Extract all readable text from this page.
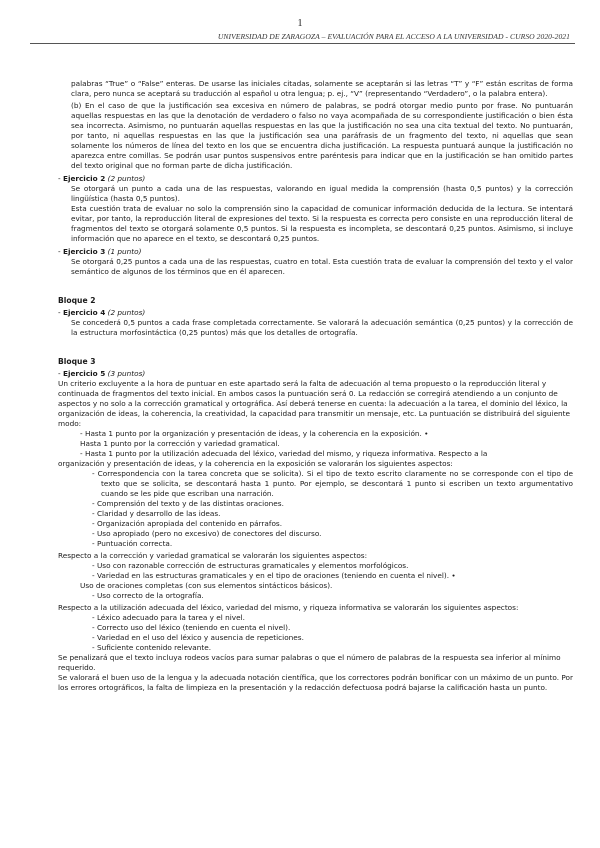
1
UNIVERSIDAD DE ZARAGOZA – EVALUACIÓN PARA EL ACCESO A LA UNIVERSIDAD - CURSO 2020-2021

palabras “True” o “False” enteras. De usarse las iniciales citadas, solamente se aceptarán si las letras “T” y “F” están escritas de forma clara, pero nunca se aceptará su traducción al español u otra lengua; p. ej., “V” (representando “Verdadero”, o la palabra entera).

(b) En el caso de que la justificación sea excesiva en número de palabras, se podrá otorgar medio punto por frase. No puntuarán aquellas respuestas en las que la denotación de verdadero o falso no vaya acompañada de su correspondiente justificación o bien ésta sea incorrecta. Asimismo, no puntuarán aquellas respuestas en las que la justificación no sea una cita textual del texto. No puntuarán, por tanto, ni aquellas respuestas en las que la justificación sea una paráfrasis de un fragmento del texto, ni aquellas que sean solamente los números de línea del texto en los que se encuentra dicha justificación. La respuesta puntuará aunque la justificación no aparezca entre comillas. Se podrán usar puntos suspensivos entre paréntesis para indicar que en la justificación se han omitido partes del texto original que no forman parte de dicha justificación.

- Ejercicio 2 (2 puntos)

Se otorgará un punto a cada una de las respuestas, valorando en igual medida la comprensión (hasta 0,5 puntos) y la corrección lingüística (hasta 0,5 puntos).

Esta cuestión trata de evaluar no solo la comprensión sino la capacidad de comunicar información deducida de la lectura. Se intentará evitar, por tanto, la reproducción literal de expresiones del texto. Si la respuesta es correcta pero consiste en una reproducción literal de fragmentos del texto se otorgará solamente 0,5 puntos. Si la respuesta es incompleta, se descontará 0,25 puntos. Asimismo, si incluye información que no aparece en el texto, se descontará 0,25 puntos.

- Ejercicio 3 (1 punto)

Se otorgará 0,25 puntos a cada una de las respuestas, cuatro en total. Esta cuestión trata de evaluar la comprensión del texto y el valor semántico de algunos de los términos que en él aparecen.

Bloque 2

- Ejercicio 4 (2 puntos)

Se concederá 0,5 puntos a cada frase completada correctamente. Se valorará la adecuación semántica (0,25 puntos) y la corrección de la estructura morfosintáctica (0,25 puntos) más que los detalles de ortografía.

Bloque 3

- Ejercicio 5 (3 puntos)

Un criterio excluyente a la hora de puntuar en este apartado será la falta de adecuación al tema propuesto o la reproducción literal y continuada de fragmentos del texto inicial. En ambos casos la puntuación será 0. La redacción se corregirá atendiendo a un conjunto de aspectos y no solo a la corrección gramatical y ortográfica. Así deberá tenerse en cuenta: la adecuación a la tarea, el dominio del léxico, la organización de ideas, la coherencia, la creatividad, la capacidad para transmitir un mensaje, etc. La puntuación se distribuirá del siguiente modo:

- Hasta 1 punto por la organización y presentación de ideas, y la coherencia en la exposición. •

Hasta 1 punto por la corrección y variedad gramatical.

- Hasta 1 punto por la utilización adecuada del léxico, variedad del mismo, y riqueza informativa. Respecto a la

organización y presentación de ideas, y la coherencia en la exposición se valorarán los siguientes aspectos:

- Correspondencia con la tarea concreta que se solicita). Si el tipo de texto escrito claramente no se corresponde con el tipo de texto que se solicita, se descontará hasta 1 punto. Por ejemplo, se descontará 1 punto si escriben un texto argumentativo cuando se les pide que escriban una narración.

- Comprensión del texto y de las distintas oraciones.

- Claridad y desarrollo de las ideas.

- Organización apropiada del contenido en párrafos.

- Uso apropiado (pero no excesivo) de conectores del discurso.

- Puntuación correcta.

Respecto a la corrección y variedad gramatical se valorarán los siguientes aspectos:

- Uso con razonable corrección de estructuras gramaticales y elementos morfológicos.

- Variedad en las estructuras gramaticales y en el tipo de oraciones (teniendo en cuenta el nivel). •

Uso de oraciones completas (con sus elementos sintácticos básicos).

- Uso correcto de la ortografía.

Respecto a la utilización adecuada del léxico, variedad del mismo, y riqueza informativa se valorarán los siguientes aspectos:

- Léxico adecuado para la tarea y el nivel.

- Correcto uso del léxico (teniendo en cuenta el nivel).

- Variedad en el uso del léxico y ausencia de repeticiones.

- Suficiente contenido relevante.

Se penalizará que el texto incluya rodeos vacíos para sumar palabras o que el número de palabras de la respuesta sea inferior al mínimo requerido.

Se valorará el buen uso de la lengua y la adecuada notación científica, que los correctores podrán bonificar con un máximo de un punto. Por los errores ortográficos, la falta de limpieza en la presentación y la redacción defectuosa podrá bajarse la calificación hasta un punto.
